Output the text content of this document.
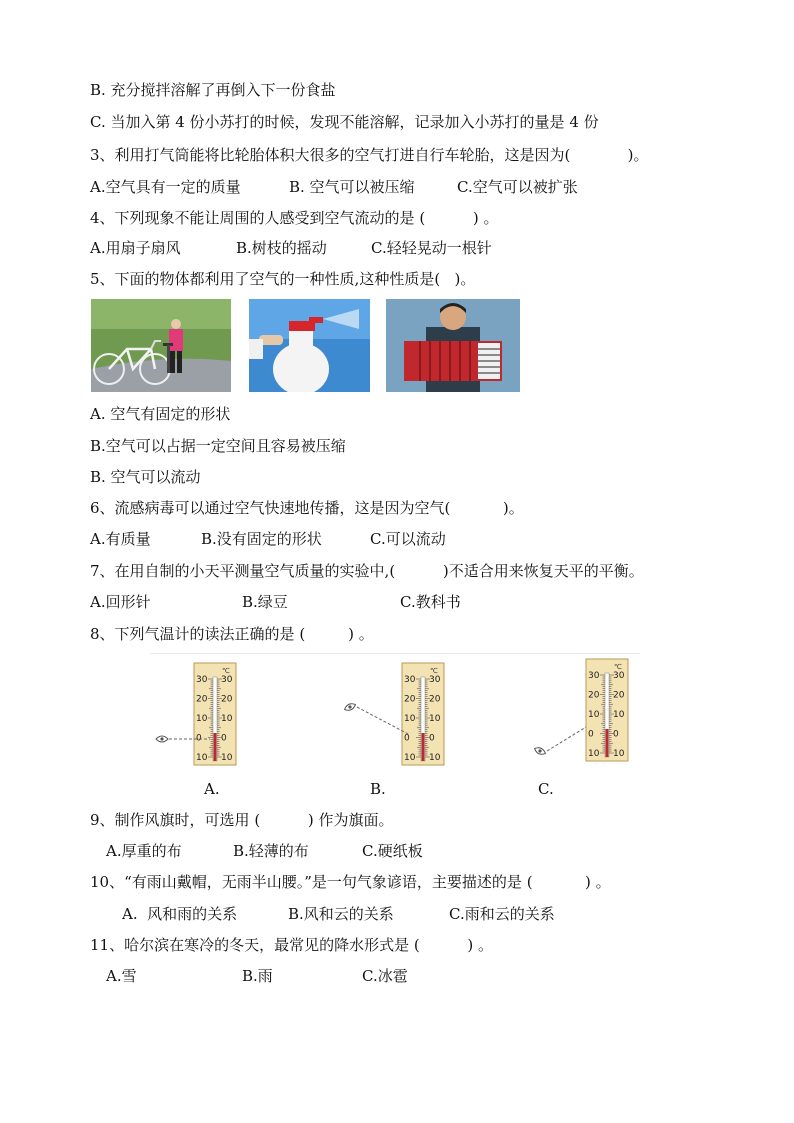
B. 充分搅拌溶解了再倒入下一份食盐
C. 当加入第 4 份小苏打的时候，发现不能溶解，记录加入小苏打的量是 4 份
3、利用打气筒能将比轮胎体积大很多的空气打进自行车轮胎，这是因为(            )。

A.空气具有一定的质量

	B. 空气可以被压缩

	C.空气可以被扩张

4、下列现象不能让周围的人感受到空气流动的是 (          ) 。

A.用扇子扇风

	B.树枝的摇动

	C.轻轻晃动一根针

5、下面的物体都利用了空气的一种性质,这种性质是(   )。
A. 空气有固定的形状
B.空气可以占据一定空间且容易被压缩
B. 空气可以流动
6、流感病毒可以通过空气快速地传播，这是因为空气(           )。

A.有质量

	B.没有固定的形状

	C.可以流动

7、在用自制的小天平测量空气质量的实验中,(          )不适合用来恢复天平的平衡。

A.回形针

	B.绿豆

	C.教科书

8、下列气温计的读法正确的是 (         ) 。
℃
30 30
20 20
10 10
0 0
10 10
℃
30 30
20 20
10 10
0 0
10 10
℃
30 30
20 20
10 10
0 0
10 10
A.	B.	C.
9、制作风旗时，可选用 (          ) 作为旗面。

A.厚重的布

	B.轻薄的布

	C.硬纸板

10、“有雨山戴帽，无雨半山腰。”是一句气象谚语，主要描述的是 (           ) 。

A.  风和雨的关系

	B.风和云的关系

	C.雨和云的关系

11、哈尔滨在寒冷的冬天，最常见的降水形式是 (          ) 。

A.雪

	B.雨

	C.冰雹
